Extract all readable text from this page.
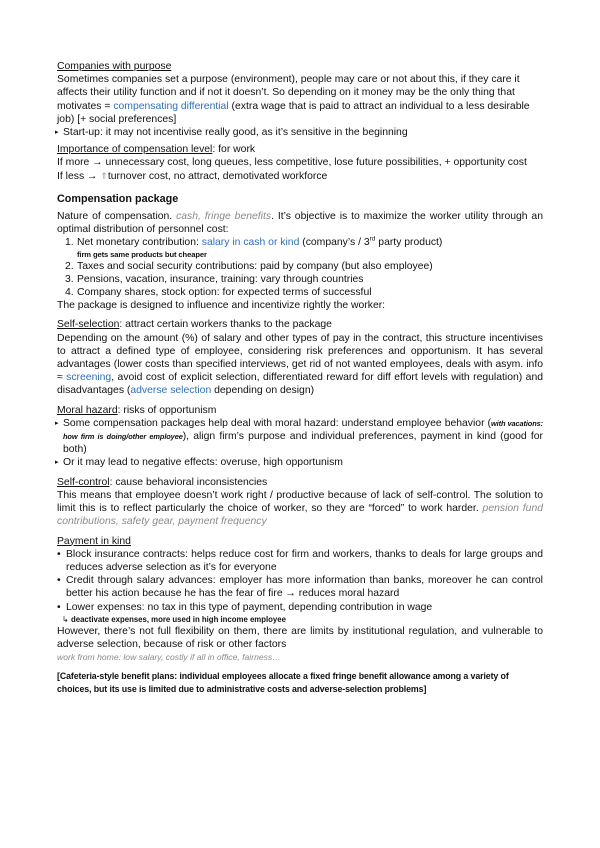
Companies with purpose

Sometimes companies set a purpose (environment), people may care or not about this, if they care it affects their utility function and if not it doesn’t. So depending on it money may be the only thing that motivates = compensating differential (extra wage that is paid to attract an individual to a less desirable job) [+ social preferences]

▸ Start-up: it may not incentivise really good, as it’s sensitive in the beginning

Importance of compensation level: for work

If more → unnecessary cost, long queues, less competitive, lose future possibilities, + opportunity cost

If less → ⇑turnover cost, no attract, demotivated workforce

Compensation package

Nature of compensation. cash, fringe benefits. It’s objective is to maximize the worker utility through an optimal distribution of personnel cost:

1. Net monetary contribution: salary in cash or kind (company’s / 3rd party product)
firm gets same products but cheaper
2. Taxes and social security contributions: paid by company (but also employee)
3. Pensions, vacation, insurance, training: vary through countries
4. Company shares, stock option: for expected terms of successful

The package is designed to influence and incentivize rightly the worker:

Self-selection: attract certain workers thanks to the package

Depending on the amount (%) of salary and other types of pay in the contract, this structure incentivises to attract a defined type of employee, considering risk preferences and opportunism. It has several advantages (lower costs than specified interviews, get rid of not wanted employees, deals with asym. info ≈ screening, avoid cost of explicit selection, differentiated reward for diff effort levels with regulation) and disadvantages (adverse selection depending on design)

Moral hazard: risks of opportunism

▸ Some compensation packages help deal with moral hazard: understand employee behavior (with vacations: how firm is doing/other employee), align firm’s purpose and individual preferences, payment in kind (good for both)

▸ Or it may lead to negative effects: overuse, high opportunism

Self-control: cause behavioral inconsistencies

This means that employee doesn’t work right / productive because of lack of self-control. The solution to limit this is to reflect particularly the choice of worker, so they are “forced” to work harder. pension fund contributions, safety gear, payment frequency

Payment in kind

• Block insurance contracts: helps reduce cost for firm and workers, thanks to deals for large groups and reduces adverse selection as it’s for everyone

• Credit through salary advances: employer has more information than banks, moreover he can control better his action because he has the fear of fire → reduces moral hazard

• Lower expenses: no tax in this type of payment, depending contribution in wage

↳ deactivate expenses, more used in high income employee

However, there’s not full flexibility on them, there are limits by institutional regulation, and vulnerable to adverse selection, because of risk or other factors

work from home: low salary, costly if all in office, fairness…

[Cafeteria-style benefit plans: individual employees allocate a fixed fringe benefit allowance among a variety of choices, but its use is limited due to administrative costs and adverse-selection problems]
